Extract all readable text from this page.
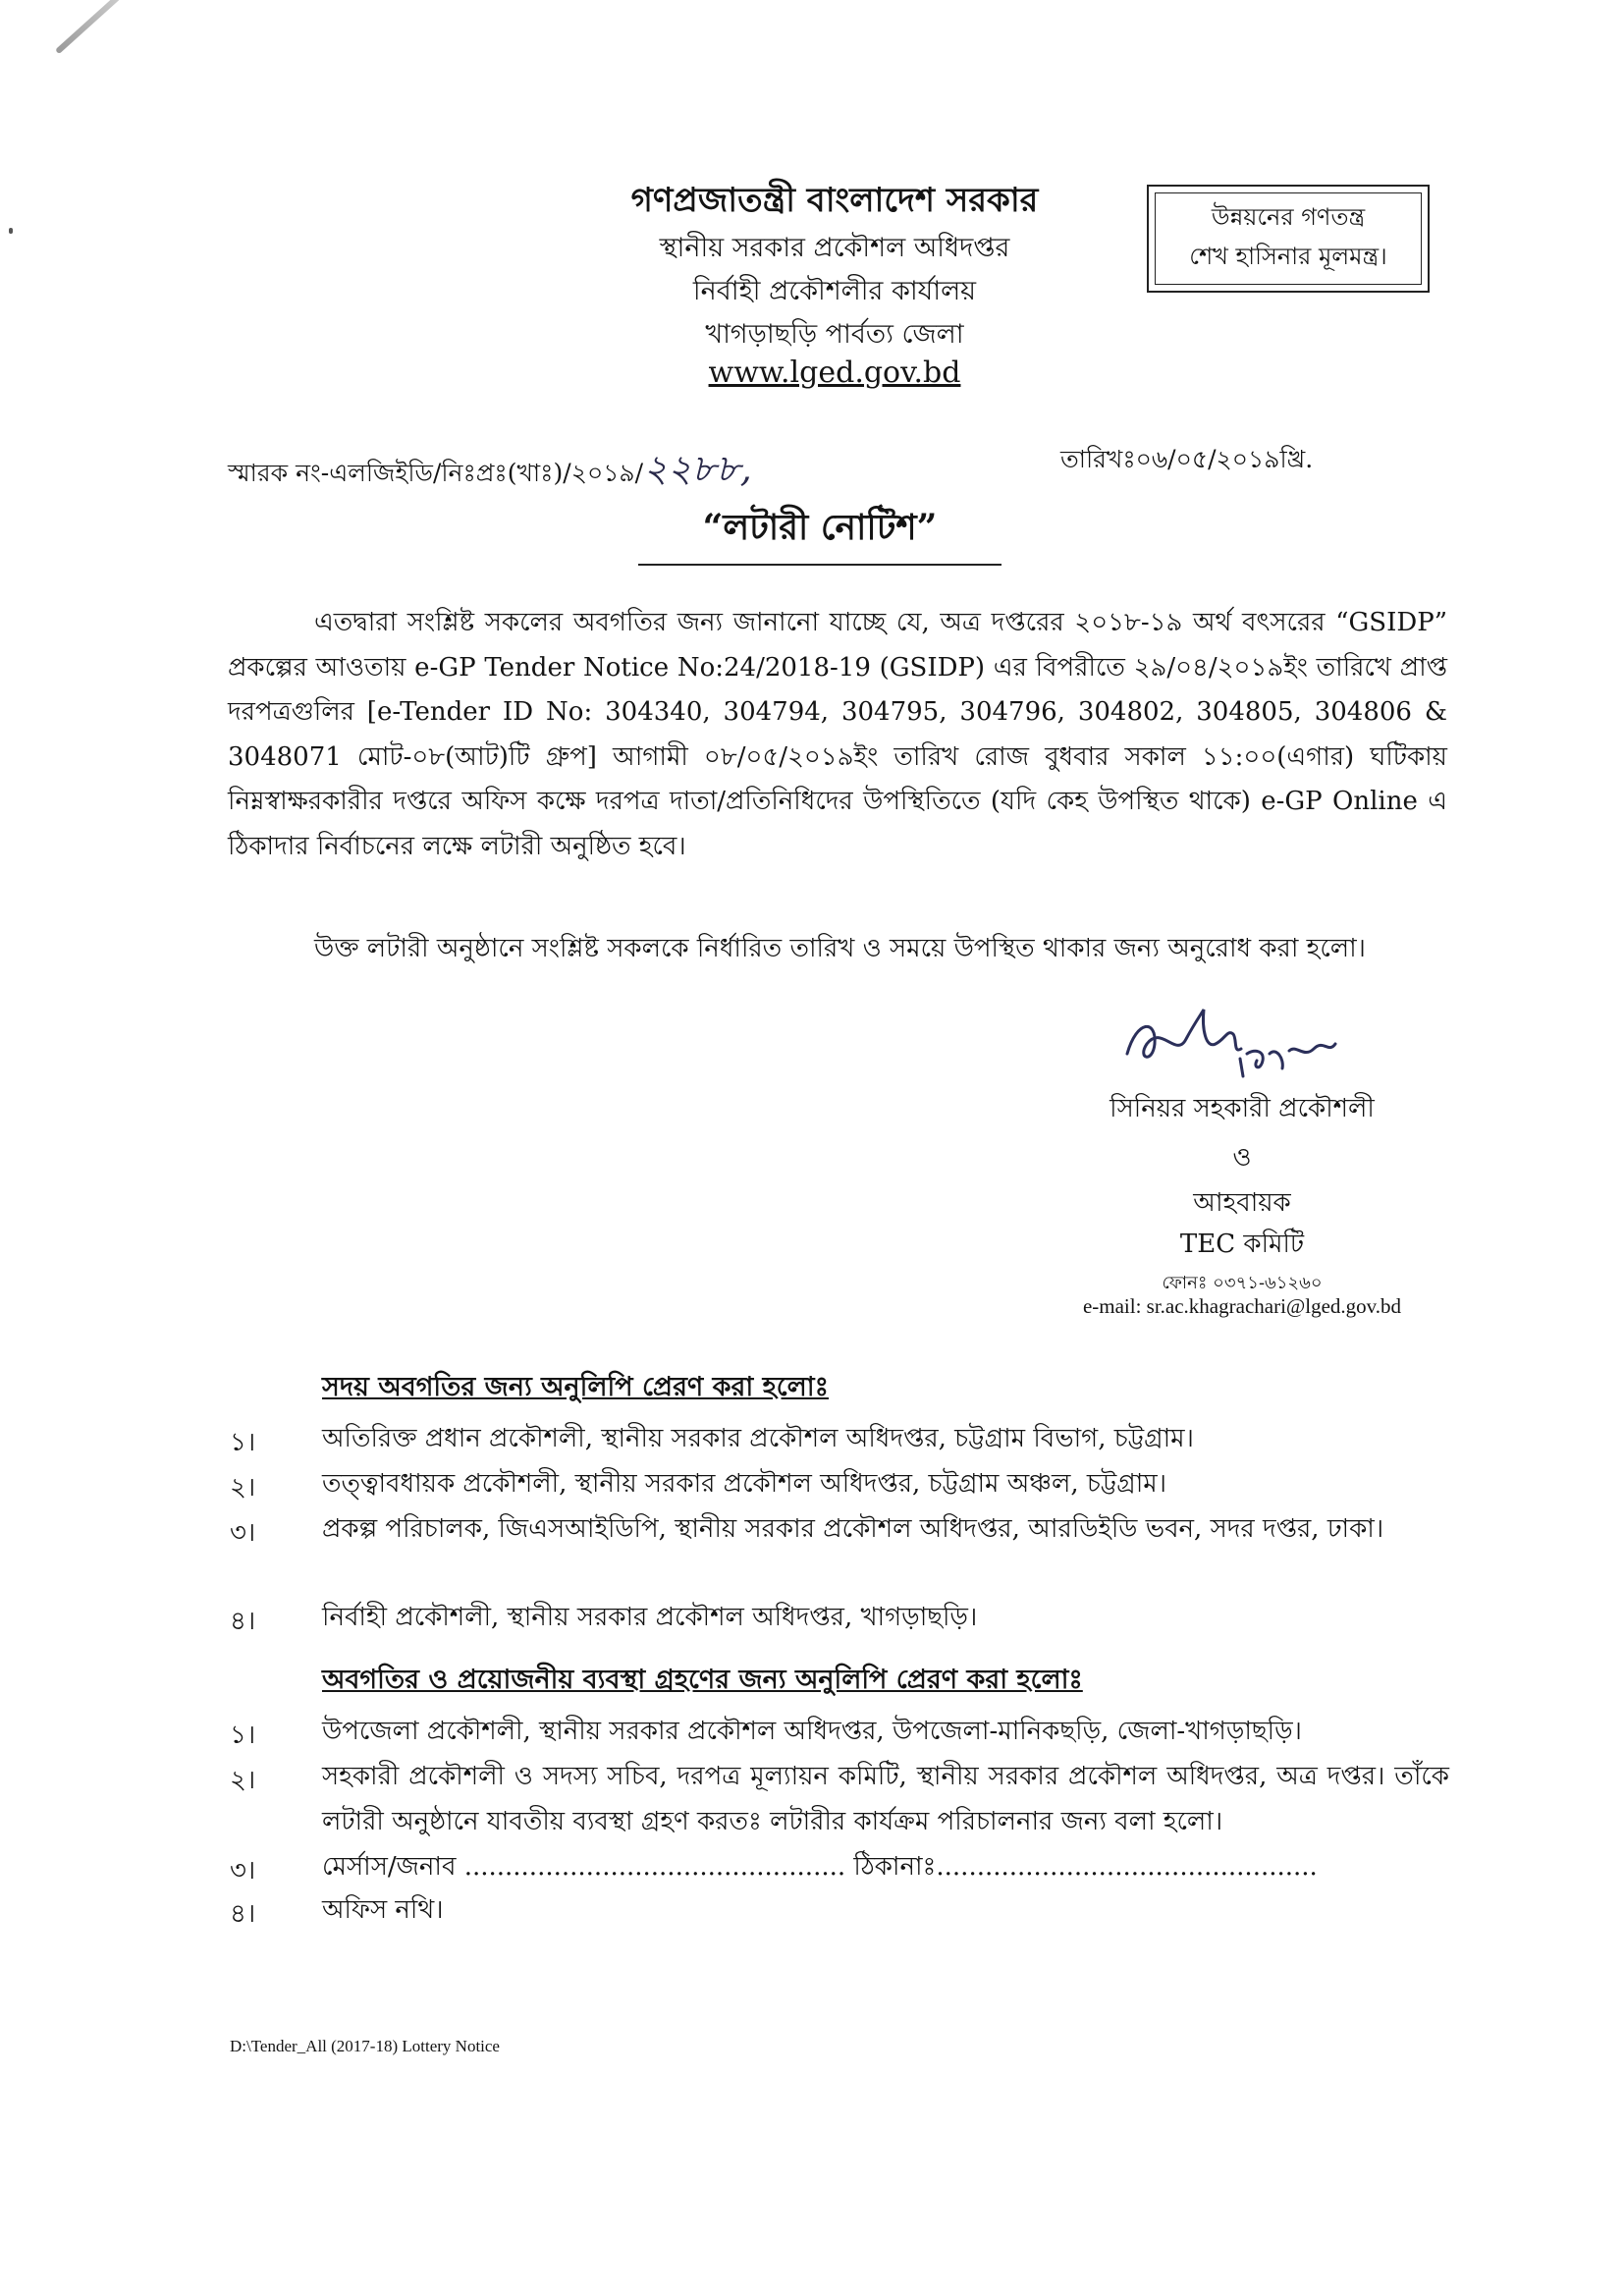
গণপ্রজাতন্ত্রী বাংলাদেশ সরকার
স্থানীয় সরকার প্রকৌশল অধিদপ্তর
নির্বাহী প্রকৌশলীর কার্যালয়
খাগড়াছড়ি পার্বত্য জেলা
www.lged.gov.bd
উন্নয়নের গণতন্ত্র
শেখ হাসিনার মূলমন্ত্র।
স্মারক নং-এলজিইডি/নিঃপ্রঃ(খাঃ)/২০১৯/২২৮৮,	তারিখঃ০৬/০৫/২০১৯খ্রি.
“লটারী নোটিশ”

এতদ্বারা সংশ্লিষ্ট সকলের অবগতির জন্য জানানো যাচ্ছে যে, অত্র দপ্তরের ২০১৮-১৯ অর্থ বৎসরের “GSIDP” প্রকল্পের আওতায় e-GP Tender Notice No:24/2018-19 (GSIDP) এর বিপরীতে ২৯/০৪/২০১৯ইং তারিখে প্রাপ্ত দরপত্রগুলির [e-Tender ID No: 304340, 304794, 304795, 304796, 304802, 304805, 304806 & 3048071 মোট-০৮(আট)টি গ্রুপ] আগামী ০৮/০৫/২০১৯ইং তারিখ রোজ বুধবার সকাল ১১:০০(এগার) ঘটিকায় নিম্নস্বাক্ষরকারীর দপ্তরে অফিস কক্ষে দরপত্র দাতা/প্রতিনিধিদের উপস্থিতিতে (যদি কেহ উপস্থিত থাকে) e-GP Online এ ঠিকাদার নির্বাচনের লক্ষে লটারী অনুষ্ঠিত হবে।

উক্ত লটারী অনুষ্ঠানে সংশ্লিষ্ট সকলকে নির্ধারিত তারিখ ও সময়ে উপস্থিত থাকার জন্য অনুরোধ করা হলো।

সিনিয়র সহকারী প্রকৌশলী
ও
আহবায়ক
TEC কমিটি
ফোনঃ ০৩৭১-৬১২৬০
e-mail: sr.ac.khagrachari@lged.gov.bd
সদয় অবগতির জন্য অনুলিপি প্রেরণ করা হলোঃ
১।	অতিরিক্ত প্রধান প্রকৌশলী, স্থানীয় সরকার প্রকৌশল অধিদপ্তর, চট্টগ্রাম বিভাগ, চট্টগ্রাম।

২।	তত্ত্বাবধায়ক প্রকৌশলী, স্থানীয় সরকার প্রকৌশল অধিদপ্তর, চট্টগ্রাম অঞ্চল, চট্টগ্রাম।

৩।	প্রকল্প পরিচালক, জিএসআইডিপি, স্থানীয় সরকার প্রকৌশল অধিদপ্তর, আরডিইডি ভবন, সদর দপ্তর, ঢাকা।

৪।	নির্বাহী প্রকৌশলী, স্থানীয় সরকার প্রকৌশল অধিদপ্তর, খাগড়াছড়ি।

অবগতির ও প্রয়োজনীয় ব্যবস্থা গ্রহণের জন্য অনুলিপি প্রেরণ করা হলোঃ
১।	উপজেলা প্রকৌশলী, স্থানীয় সরকার প্রকৌশল অধিদপ্তর, উপজেলা-মানিকছড়ি, জেলা-খাগড়াছড়ি।

২।	সহকারী প্রকৌশলী ও সদস্য সচিব, দরপত্র মূল্যায়ন কমিটি, স্থানীয় সরকার প্রকৌশল অধিদপ্তর, অত্র দপ্তর। তাঁকে লটারী অনুষ্ঠানে যাবতীয় ব্যবস্থা গ্রহণ করতঃ লটারীর কার্যক্রম পরিচালনার জন্য বলা হলো।

৩।	মের্সাস/জনাব ............................................... ঠিকানাঃ...............................................

৪।	অফিস নথি।

D:\Tender_All (2017-18) Lottery Notice
